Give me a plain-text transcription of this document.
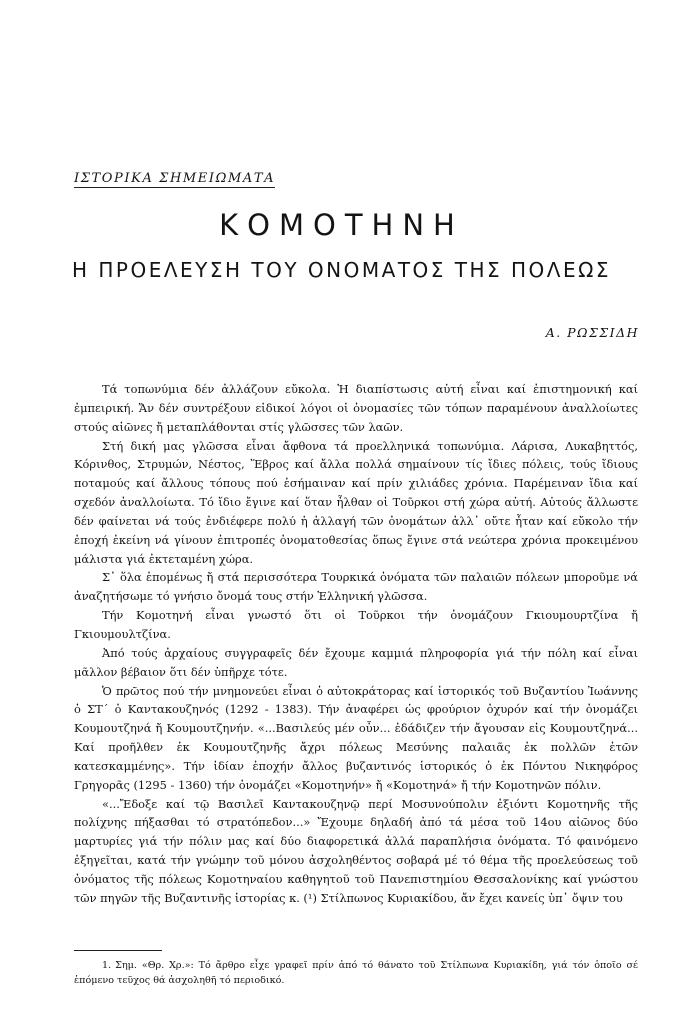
ΙΣΤΟΡΙΚΑ ΣΗΜΕΙΩΜΑΤΑ
ΚΟΜΟΤΗΝΗ
Η ΠΡΟΕΛΕΥΣΗ ΤΟΥ ΟΝΟΜΑΤΟΣ ΤΗΣ ΠΟΛΕΩΣ
Α. ΡΩΣΣΙΔΗ

Τά τοπωνύμια δέν ἀλλάζουν εὔκολα. Ἡ διαπίστωσις αὐτή εἶναι καί ἐπιστημονική καί ἐμπειρική. Ἄν δέν συντρέξουν εἰδικοί λόγοι οἱ ὀνομασίες τῶν τόπων παραμένουν ἀναλλοίωτες στούς αἰῶνες ἤ μεταπλάθονται στίς γλῶσσες τῶν λαῶν.

Στή δική μας γλῶσσα εἶναι ἄφθονα τά προελληνικά τοπωνύμια. Λάρισα, Λυκαβηττός, Κόρινθος, Στρυμών, Νέστος, Ἕβρος καί ἄλλα πολλά σημαίνουν τίς ἴδιες πόλεις, τούς ἴδιους ποταμούς καί ἄλλους τόπους πού ἐσήμαιναν καί πρίν χιλιάδες χρόνια. Παρέμειναν ἴδια καί σχεδόν ἀναλλοίωτα. Τό ἴδιο ἔγινε καί ὅταν ἦλθαν οἱ Τοῦρκοι στή χώρα αὐτή. Αὐτούς ἄλλωστε δέν φαίνεται νά τούς ἐνδιέφερε πολύ ἡ ἀλλαγή τῶν ὀνομάτων ἀλλ᾽ οὔτε ἦταν καί εὔκολο τήν ἐποχή ἐκείνη νά γίνουν ἐπιτροπές ὀνοματοθεσίας ὅπως ἔγινε στά νεώτερα χρόνια προκειμένου μάλιστα γιά ἐκτεταμένη χώρα.

Σ᾽ ὅλα ἑπομένως ἤ στά περισσότερα Τουρκικά ὀνόματα τῶν παλαιῶν πόλεων μποροῦμε νά ἀναζητήσωμε τό γνήσιο ὄνομά τους στήν Ἑλληνική γλῶσσα.

Τήν Κομοτηνή εἶναι γνωστό ὅτι οἱ Τοῦρκοι τήν ὀνομάζουν Γκιουμουρτζίνα ἤ Γκιουμουλτζίνα.

Ἀπό τούς ἀρχαίους συγγραφεῖς δέν ἔχουμε καμμιά πληροφορία γιά τήν πόλη καί εἶναι μᾶλλον βέβαιον ὅτι δέν ὑπῆρχε τότε.

Ὁ πρῶτος πού τήν μνημονεύει εἶναι ὁ αὐτοκράτορας καί ἱστορικός τοῦ Βυζαντίου Ἰωάννης ὁ ΣΤ΄ ὁ Καντακουζηνός (1292 - 1383). Τήν ἀναφέρει ὡς φρούριον ὀχυρόν καί τήν ὀνομάζει Κουμουτζηνά ἤ Κουμουτζηνήν. «...Βασιλεύς μέν οὖν... ἐδάδιζεν τήν ἄγουσαν εἰς Κουμουτζηνά... Καί προῆλθεν ἐκ Κουμουτζηνῆς ἄχρι πόλεως Μεσύνης παλαιᾶς ἐκ πολλῶν ἐτῶν κατεσκαμμένης». Τήν ἰδίαν ἐποχήν ἄλλος βυζαντινός ἱστορικός ὁ ἐκ Πόντου Νικηφόρος Γρηγορᾶς (1295 - 1360) τήν ὀνομάζει «Κομοτηνήν» ἤ «Κομοτηνά» ἤ τήν Κομοτηνῶν πόλιν.

«...Ἔδοξε καί τῷ Βασιλεῖ Καντακουζηνῷ περί Μοσυνούπολιν ἐξιόντι Κομοτηνῆς τῆς πολίχνης πήξασθαι τό στρατόπεδον...» Ἔχουμε δηλαδή ἀπό τά μέσα τοῦ 14ου αἰῶνος δύο μαρτυρίες γιά τήν πόλιν μας καί δύο διαφορετικά ἀλλά παραπλήσια ὀνόματα. Τό φαινόμενο ἐξηγεῖται, κατά τήν γνώμην τοῦ μόνου ἀσχοληθέντος σοβαρά μέ τό θέμα τῆς προελεύσεως τοῦ ὀνόματος τῆς πόλεως Κομοτηναίου καθηγητοῦ τοῦ Πανεπιστημίου Θεσσαλονίκης καί γνώστου τῶν πηγῶν τῆς Βυζαντινῆς ἱστορίας κ. (¹) Στίλπωνος Κυριακίδου, ἄν ἔχει κανείς ὑπ᾽ ὄψιν του

1. Σημ. «Θρ. Χρ.»: Τό ἄρθρο εἶχε γραφεῖ πρίν ἀπό τό θάνατο τοῦ Στίλπωνα Κυριακίδη, γιά τόν ὁποῖο σέ ἑπόμενο τεῦχος θά ἀσχοληθῆ τό περιοδικό.
